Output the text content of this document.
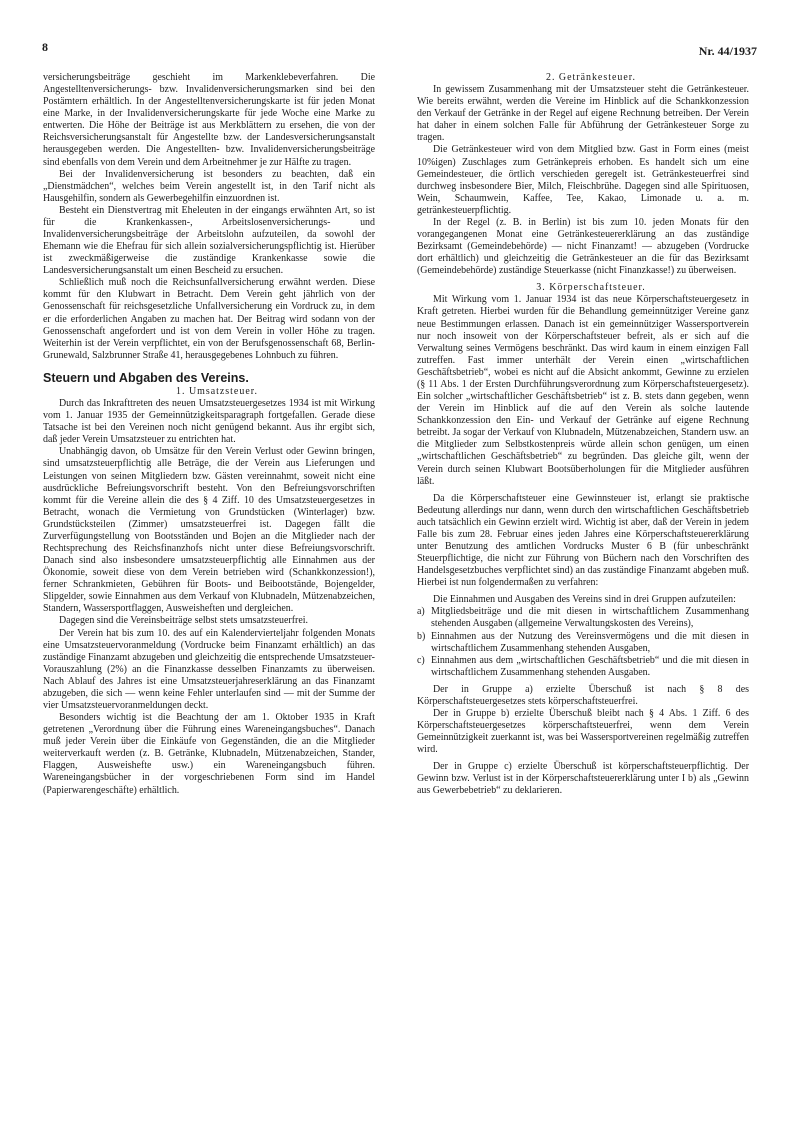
8	Nr. 44/1937

versicherungsbeiträge geschieht im Markenklebeverfahren. Die Angestelltenversicherungs- bzw. Invalidenversicherungsmarken sind bei den Postämtern erhältlich. In der Angestelltenversicherungskarte ist für jeden Monat eine Marke, in der Invalidenversicherungskarte für jede Woche eine Marke zu entwerten. Die Höhe der Beiträge ist aus Merkblättern zu ersehen, die von der Reichsversicherungsanstalt für Angestellte bzw. der Landesversicherungsanstalt herausgegeben werden. Die Angestellten- bzw. Invalidenversicherungsbeiträge sind ebenfalls von dem Verein und dem Arbeitnehmer je zur Hälfte zu tragen.

Bei der Invalidenversicherung ist besonders zu beachten, daß ein „Dienstmädchen“, welches beim Verein angestellt ist, in den Tarif nicht als Hausgehilfin, sondern als Gewerbegehilfin einzuordnen ist.

Besteht ein Dienstvertrag mit Eheleuten in der eingangs erwähnten Art, so ist für die Krankenkassen-, Arbeitslosenversicherungs- und Invalidenversicherungsbeiträge der Arbeitslohn aufzuteilen, da sowohl der Ehemann wie die Ehefrau für sich allein sozialversicherungspflichtig ist. Hierüber ist zweckmäßigerweise die zuständige Krankenkasse sowie die Landesversicherungsanstalt um einen Bescheid zu ersuchen.

Schließlich muß noch die Reichsunfallversicherung erwähnt werden. Diese kommt für den Klubwart in Betracht. Dem Verein geht jährlich von der Genossenschaft für reichsgesetzliche Unfallversicherung ein Vordruck zu, in dem er die erforderlichen Angaben zu machen hat. Der Beitrag wird sodann von der Genossenschaft angefordert und ist von dem Verein in voller Höhe zu tragen. Weiterhin ist der Verein verpflichtet, ein von der Berufsgenossenschaft 68, Berlin-Grunewald, Salzbrunner Straße 41, herausgegebenes Lohnbuch zu führen.

Steuern und Abgaben des Vereins.

1. Umsatzsteuer.

Durch das Inkrafttreten des neuen Umsatzsteuergesetzes 1934 ist mit Wirkung vom 1. Januar 1935 der Gemeinnützigkeitsparagraph fortgefallen. Gerade diese Tatsache ist bei den Vereinen noch nicht genügend bekannt. Aus ihr ergibt sich, daß jeder Verein Umsatzsteuer zu entrichten hat.

Unabhängig davon, ob Umsätze für den Verein Verlust oder Gewinn bringen, sind umsatzsteuerpflichtig alle Beträge, die der Verein aus Lieferungen und Leistungen von seinen Mitgliedern bzw. Gästen vereinnahmt, soweit nicht eine ausdrückliche Befreiungsvorschrift besteht. Von den Befreiungsvorschriften kommt für die Vereine allein die des § 4 Ziff. 10 des Umsatzsteuergesetzes in Betracht, wonach die Vermietung von Grundstücken (Winterlager) bzw. Grundstücksteilen (Zimmer) umsatzsteuerfrei ist. Dagegen fällt die Zurverfügungstellung von Bootsständen und Bojen an die Mitglieder nach der Rechtsprechung des Reichsfinanzhofs nicht unter diese Befreiungsvorschrift. Danach sind also insbesondere umsatzsteuerpflichtig alle Einnahmen aus der Ökonomie, soweit diese von dem Verein betrieben wird (Schankkonzession!), ferner Schrankmieten, Gebühren für Boots- und Beibootstände, Bojengelder, Slipgelder, sowie Einnahmen aus dem Verkauf von Klubnadeln, Mützenabzeichen, Standern, Wassersportflaggen, Ausweisheften und dergleichen.

Dagegen sind die Vereinsbeiträge selbst stets umsatzsteuerfrei.

Der Verein hat bis zum 10. des auf ein Kalendervierteljahr folgenden Monats eine Umsatzsteuervoranmeldung (Vordrucke beim Finanzamt erhältlich) an das zuständige Finanzamt abzugeben und gleichzeitig die entsprechende Umsatzsteuer-Vorauszahlung (2%) an die Finanzkasse desselben Finanzamts zu überweisen. Nach Ablauf des Jahres ist eine Umsatzsteuerjahreserklärung an das Finanzamt abzugeben, die sich — wenn keine Fehler unterlaufen sind — mit der Summe der vier Umsatzsteuervoranmeldungen deckt.

Besonders wichtig ist die Beachtung der am 1. Oktober 1935 in Kraft getretenen „Verordnung über die Führung eines Wareneingangsbuches“. Danach muß jeder Verein über die Einkäufe von Gegenständen, die an die Mitglieder weiterverkauft werden (z. B. Getränke, Klubnadeln, Mützenabzeichen, Stander, Flaggen, Ausweishefte usw.) ein Wareneingangsbuch führen. Wareneingangsbücher in der vorgeschriebenen Form sind im Handel (Papierwarengeschäfte) erhältlich.

2. Getränkesteuer.

In gewissem Zusammenhang mit der Umsatzsteuer steht die Getränkesteuer. Wie bereits erwähnt, werden die Vereine im Hinblick auf die Schankkonzession den Verkauf der Getränke in der Regel auf eigene Rechnung betreiben. Der Verein hat daher in einem solchen Falle für Abführung der Getränkesteuer Sorge zu tragen.

Die Getränkesteuer wird von dem Mitglied bzw. Gast in Form eines (meist 10%igen) Zuschlages zum Getränkepreis erhoben. Es handelt sich um eine Gemeindesteuer, die örtlich verschieden geregelt ist. Getränkesteuerfrei sind durchweg insbesondere Bier, Milch, Fleischbrühe. Dagegen sind alle Spirituosen, Wein, Schaumwein, Kaffee, Tee, Kakao, Limonade u. a. m. getränkesteuerpflichtig.

In der Regel (z. B. in Berlin) ist bis zum 10. jeden Monats für den vorangegangenen Monat eine Getränkesteuererklärung an das zuständige Bezirksamt (Gemeindebehörde) — nicht Finanzamt! — abzugeben (Vordrucke dort erhältlich) und gleichzeitig die Getränkesteuer an die für das Bezirksamt (Gemeindebehörde) zuständige Steuerkasse (nicht Finanzkasse!) zu überweisen.

3. Körperschaftsteuer.

Mit Wirkung vom 1. Januar 1934 ist das neue Körperschaftsteuergesetz in Kraft getreten. Hierbei wurden für die Behandlung gemeinnütziger Vereine ganz neue Bestimmungen erlassen. Danach ist ein gemeinnütziger Wassersportverein nur noch insoweit von der Körperschaftsteuer befreit, als er sich auf die Verwaltung seines Vermögens beschränkt. Das wird kaum in einem einzigen Fall zutreffen. Fast immer unterhält der Verein einen „wirtschaftlichen Geschäftsbetrieb“, wobei es nicht auf die Absicht ankommt, Gewinne zu erzielen (§ 11 Abs. 1 der Ersten Durchführungsverordnung zum Körperschaftsteuergesetz). Ein solcher „wirtschaftlicher Geschäftsbetrieb“ ist z. B. stets dann gegeben, wenn der Verein im Hinblick auf die auf den Verein als solche lautende Schankkonzession den Ein- und Verkauf der Getränke auf eigene Rechnung betreibt. Ja sogar der Verkauf von Klubnadeln, Mützenabzeichen, Standern usw. an die Mitglieder zum Selbstkostenpreis würde allein schon genügen, um einen „wirtschaftlichen Geschäftsbetrieb“ zu begründen. Das gleiche gilt, wenn der Verein durch seinen Klubwart Bootsüberholungen für die Mitglieder ausführen läßt.

Da die Körperschaftsteuer eine Gewinnsteuer ist, erlangt sie praktische Bedeutung allerdings nur dann, wenn durch den wirtschaftlichen Geschäftsbetrieb auch tatsächlich ein Gewinn erzielt wird. Wichtig ist aber, daß der Verein in jedem Falle bis zum 28. Februar eines jeden Jahres eine Körperschaftsteuererklärung unter Benutzung des amtlichen Vordrucks Muster 6 B (für unbeschränkt Steuerpflichtige, die nicht zur Führung von Büchern nach den Vorschriften des Handelsgesetzbuches verpflichtet sind) an das zuständige Finanzamt abgeben muß. Hierbei ist nun folgendermaßen zu verfahren:

Die Einnahmen und Ausgaben des Vereins sind in drei Gruppen aufzuteilen:

a) Mitgliedsbeiträge und die mit diesen in wirtschaftlichem Zusammenhang stehenden Ausgaben (allgemeine Verwaltungskosten des Vereins),
b) Einnahmen aus der Nutzung des Vereinsvermögens und die mit diesen in wirtschaftlichem Zusammenhang stehenden Ausgaben,
c) Einnahmen aus dem „wirtschaftlichen Geschäftsbetrieb“ und die mit diesen in wirtschaftlichem Zusammenhang stehenden Ausgaben.

Der in Gruppe a) erzielte Überschuß ist nach § 8 des Körperschaftsteuergesetzes stets körperschaftsteuerfrei.

Der in Gruppe b) erzielte Überschuß bleibt nach § 4 Abs. 1 Ziff. 6 des Körperschaftsteuergesetzes körperschaftsteuerfrei, wenn dem Verein Gemeinnützigkeit zuerkannt ist, was bei Wassersportvereinen regelmäßig zutreffen wird.

Der in Gruppe c) erzielte Überschuß ist körperschaftsteuerpflichtig. Der Gewinn bzw. Verlust ist in der Körperschaftsteuererklärung unter I b) als „Gewinn aus Gewerbebetrieb“ zu deklarieren.
